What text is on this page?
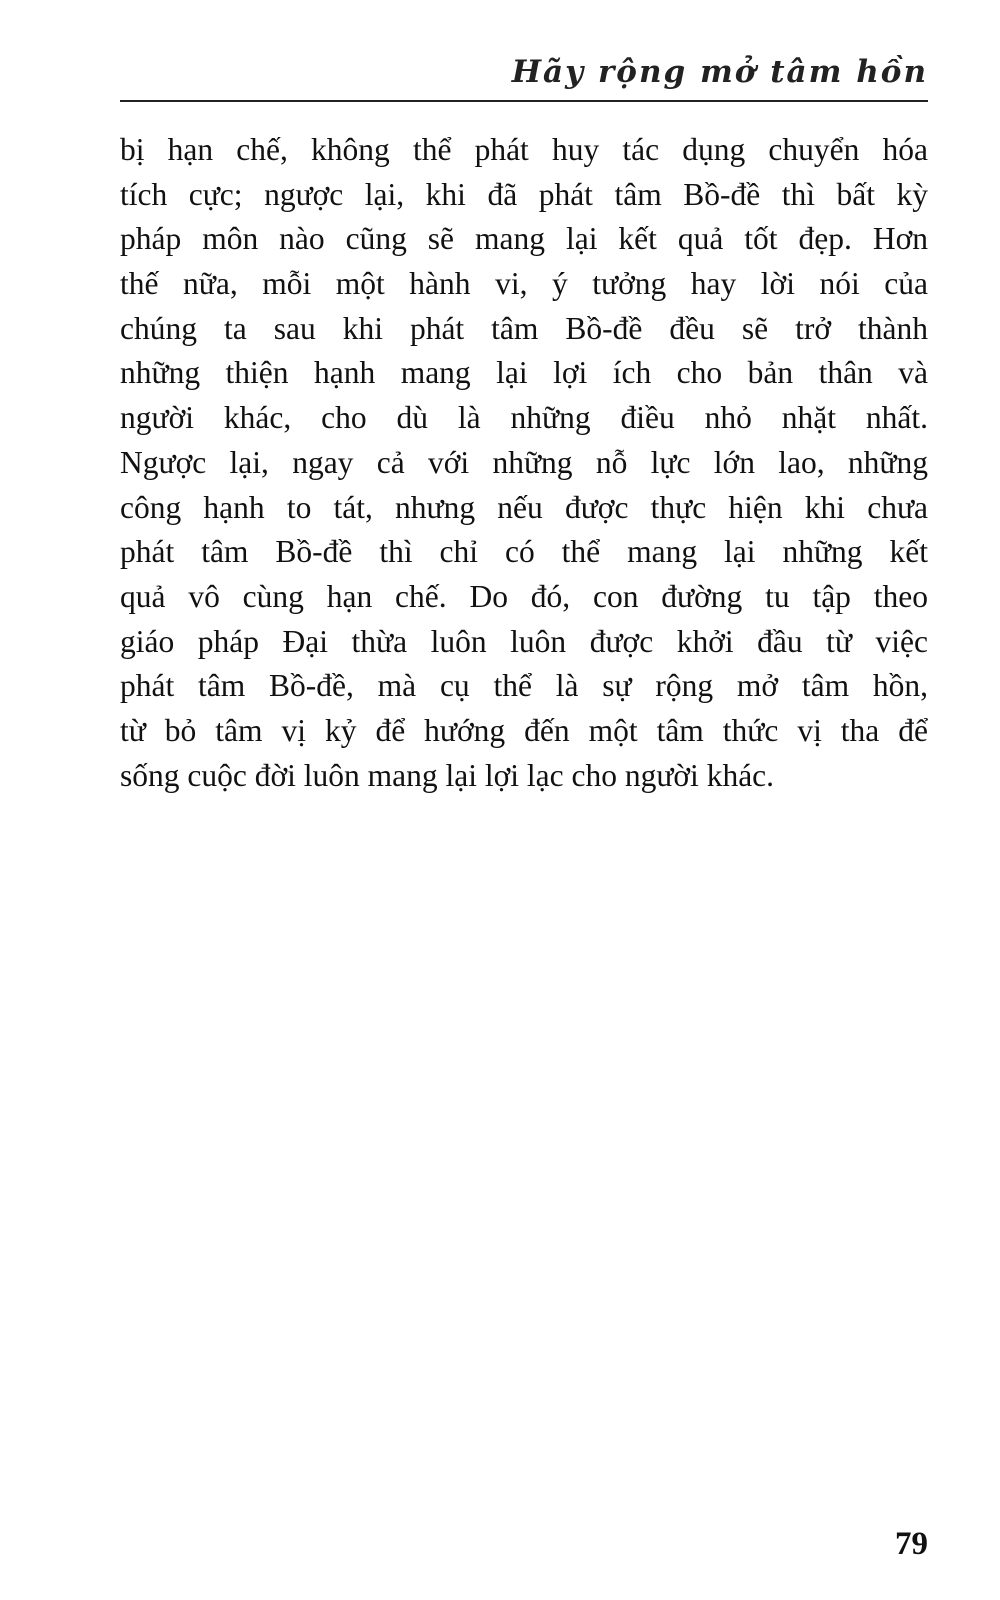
Hãy rộng mở tâm hồn
bị hạn chế, không thể phát huy tác dụng chuyển hóa
tích cực; ngược lại, khi đã phát tâm Bồ-đề thì bất kỳ
pháp môn nào cũng sẽ mang lại kết quả tốt đẹp. Hơn
thế nữa, mỗi một hành vi, ý tưởng hay lời nói của
chúng ta sau khi phát tâm Bồ-đề đều sẽ trở thành
những thiện hạnh mang lại lợi ích cho bản thân và
người khác, cho dù là những điều nhỏ nhặt nhất.
Ngược lại, ngay cả với những nỗ lực lớn lao, những
công hạnh to tát, nhưng nếu được thực hiện khi chưa
phát tâm Bồ-đề thì chỉ có thể mang lại những kết
quả vô cùng hạn chế. Do đó, con đường tu tập theo
giáo pháp Đại thừa luôn luôn được khởi đầu từ việc
phát tâm Bồ-đề, mà cụ thể là sự rộng mở tâm hồn,
từ bỏ tâm vị kỷ để hướng đến một tâm thức vị tha để
sống cuộc đời luôn mang lại lợi lạc cho người khác.
79
